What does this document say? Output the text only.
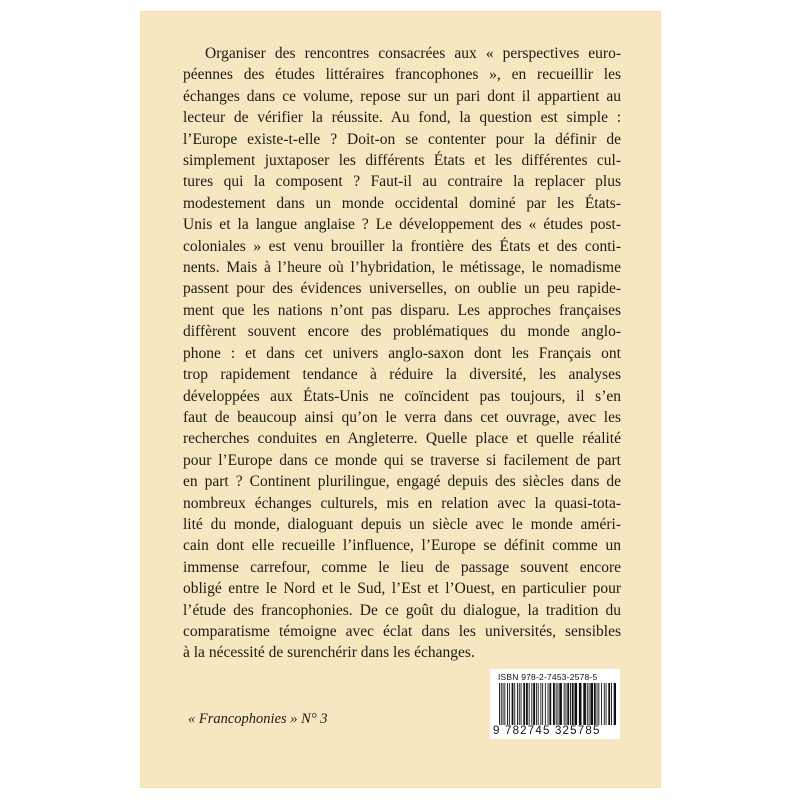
Organiser des rencontres consacrées aux « perspectives euro-
péennes des études littéraires francophones », en recueillir les
échanges dans ce volume, repose sur un pari dont il appartient au
lecteur de vérifier la réussite. Au fond, la question est simple :
l’Europe existe-t-elle ? Doit-on se contenter pour la définir de
simplement juxtaposer les différents États et les différentes cul-
tures qui la composent ? Faut-il au contraire la replacer plus
modestement dans un monde occidental dominé par les États-
Unis et la langue anglaise ? Le développement des « études post-
coloniales » est venu brouiller la frontière des États et des conti-
nents. Mais à l’heure où l’hybridation, le métissage, le nomadisme
passent pour des évidences universelles, on oublie un peu rapide-
ment que les nations n’ont pas disparu. Les approches françaises
diffèrent souvent encore des problématiques du monde anglo-
phone : et dans cet univers anglo-saxon dont les Français ont
trop rapidement tendance à réduire la diversité, les analyses
développées aux États-Unis ne coïncident pas toujours, il s’en
faut de beaucoup ainsi qu’on le verra dans cet ouvrage, avec les
recherches conduites en Angleterre. Quelle place et quelle réalité
pour l’Europe dans ce monde qui se traverse si facilement de part
en part ? Continent plurilingue, engagé depuis des siècles dans de
nombreux échanges culturels, mis en relation avec la quasi-tota-
lité du monde, dialoguant depuis un siècle avec le monde améri-
cain dont elle recueille l’influence, l’Europe se définit comme un
immense carrefour, comme le lieu de passage souvent encore
obligé entre le Nord et le Sud, l’Est et l’Ouest, en particulier pour
l’étude des francophonies. De ce goût du dialogue, la tradition du
comparatisme témoigne avec éclat dans les universités, sensibles
à la nécessité de surenchérir dans les échanges.
« Francophonies » N° 3
ISBN 978-2-7453-2578-5
9 782745 325785
